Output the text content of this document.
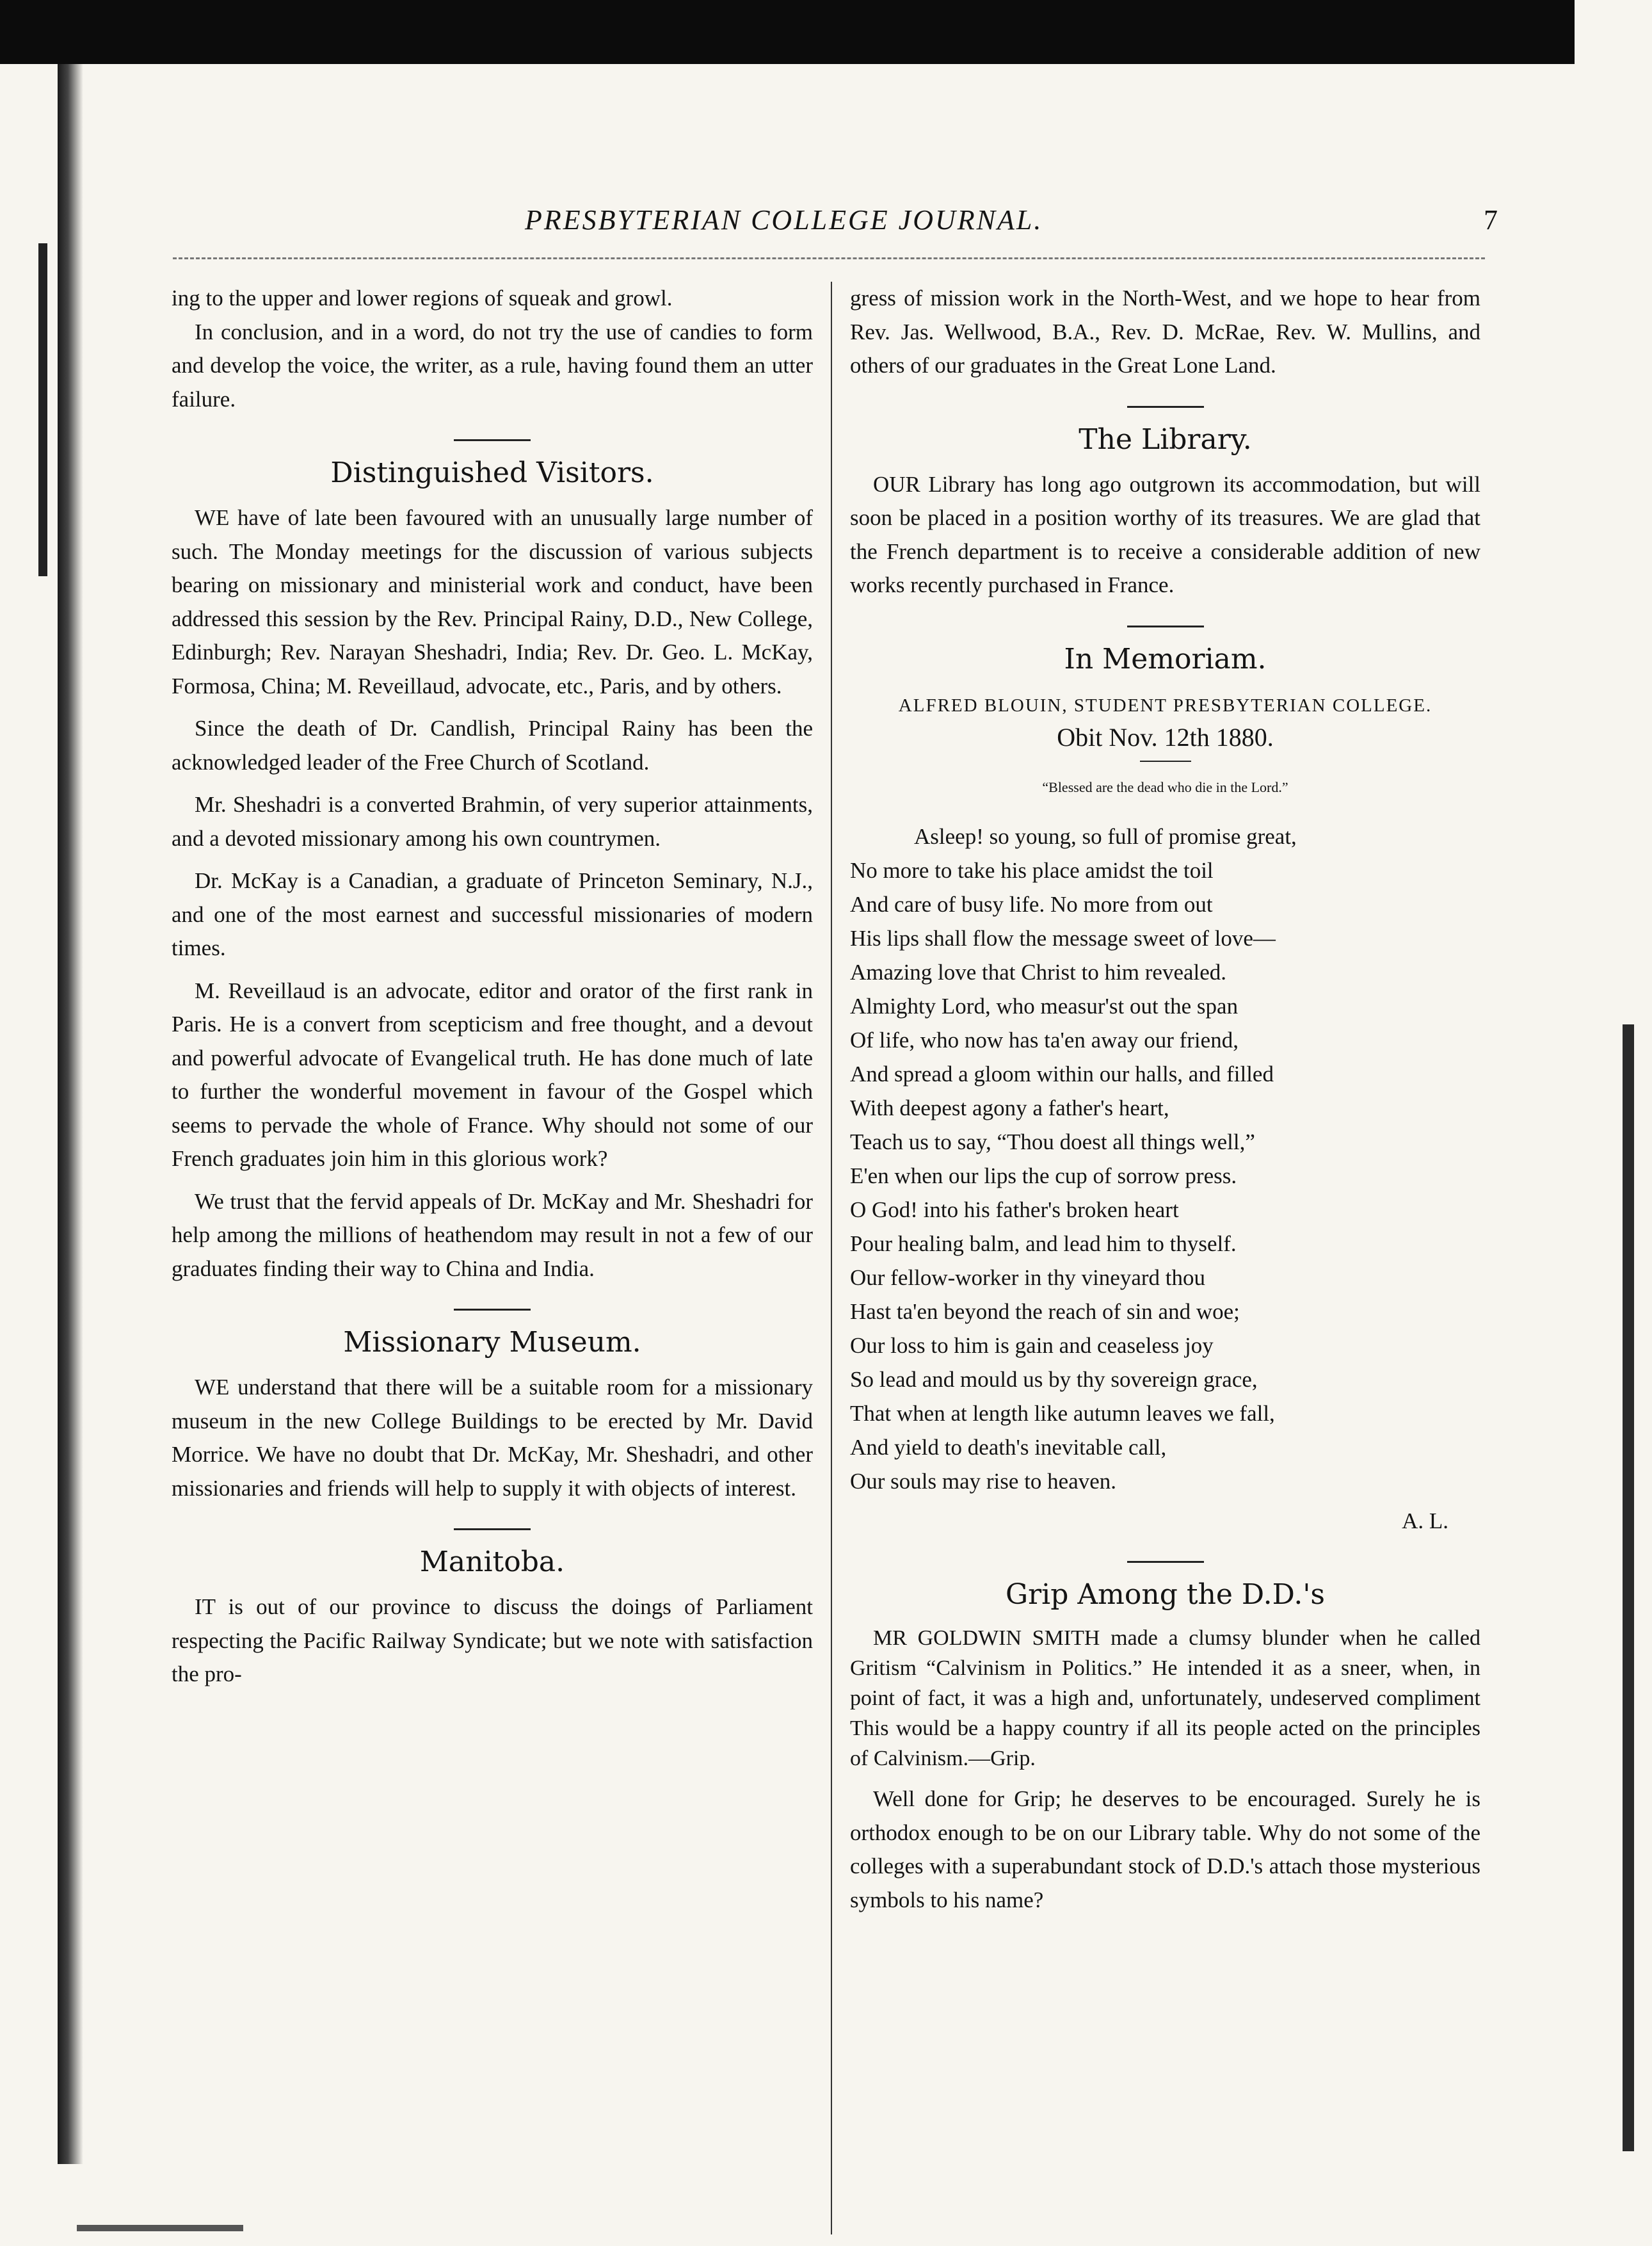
PRESBYTERIAN COLLEGE JOURNAL.	7

ing to the upper and lower regions of squeak and growl.

In conclusion, and in a word, do not try the use of candies to form and develop the voice, the writer, as a rule, having found them an utter failure.

Distinguished Visitors.

WE have of late been favoured with an unusually large number of such. The Monday meetings for the discussion of various subjects bearing on missionary and ministerial work and conduct, have been addressed this session by the Rev. Principal Rainy, D.D., New College, Edinburgh; Rev. Narayan Sheshadri, India; Rev. Dr. Geo. L. McKay, Formosa, China; M. Reveillaud, advocate, etc., Paris, and by others.

Since the death of Dr. Candlish, Principal Rainy has been the acknowledged leader of the Free Church of Scotland.

Mr. Sheshadri is a converted Brahmin, of very superior attainments, and a devoted missionary among his own countrymen.

Dr. McKay is a Canadian, a graduate of Princeton Seminary, N.J., and one of the most earnest and successful missionaries of modern times.

M. Reveillaud is an advocate, editor and orator of the first rank in Paris. He is a convert from scepticism and free thought, and a devout and powerful advocate of Evangelical truth. He has done much of late to further the wonderful movement in favour of the Gospel which seems to pervade the whole of France. Why should not some of our French graduates join him in this glorious work?

We trust that the fervid appeals of Dr. McKay and Mr. Sheshadri for help among the millions of heathendom may result in not a few of our graduates finding their way to China and India.

Missionary Museum.

WE understand that there will be a suitable room for a missionary museum in the new College Buildings to be erected by Mr. David Morrice. We have no doubt that Dr. McKay, Mr. Sheshadri, and other missionaries and friends will help to supply it with objects of interest.

Manitoba.

IT is out of our province to discuss the doings of Parliament respecting the Pacific Railway Syndicate; but we note with satisfaction the pro-

gress of mission work in the North-West, and we hope to hear from Rev. Jas. Wellwood, B.A., Rev. D. McRae, Rev. W. Mullins, and others of our graduates in the Great Lone Land.

The Library.

OUR Library has long ago outgrown its accommodation, but will soon be placed in a position worthy of its treasures. We are glad that the French department is to receive a considerable addition of new works recently purchased in France.

In Memoriam.
ALFRED BLOUIN, STUDENT PRESBYTERIAN COLLEGE.
Obit Nov. 12th 1880.
“Blessed are the dead who die in the Lord.”
Asleep! so young, so full of promise great,
No more to take his place amidst the toil
And care of busy life. No more from out
His lips shall flow the message sweet of love—
Amazing love that Christ to him revealed.
Almighty Lord, who measur'st out the span
Of life, who now has ta'en away our friend,
And spread a gloom within our halls, and filled
With deepest agony a father's heart,
Teach us to say, “Thou doest all things well,”
E'en when our lips the cup of sorrow press.
O God! into his father's broken heart
Pour healing balm, and lead him to thyself.
Our fellow-worker in thy vineyard thou
Hast ta'en beyond the reach of sin and woe;
Our loss to him is gain and ceaseless joy
So lead and mould us by thy sovereign grace,
That when at length like autumn leaves we fall,
And yield to death's inevitable call,
Our souls may rise to heaven.
A. L.
Grip Among the D.D.'s

MR GOLDWIN SMITH made a clumsy blunder when he called Gritism “Calvinism in Politics.” He intended it as a sneer, when, in point of fact, it was a high and, unfortunately, undeserved compliment This would be a happy country if all its people acted on the principles of Calvinism.—Grip.

Well done for Grip; he deserves to be encouraged. Surely he is orthodox enough to be on our Library table. Why do not some of the colleges with a superabundant stock of D.D.'s attach those mysterious symbols to his name?
